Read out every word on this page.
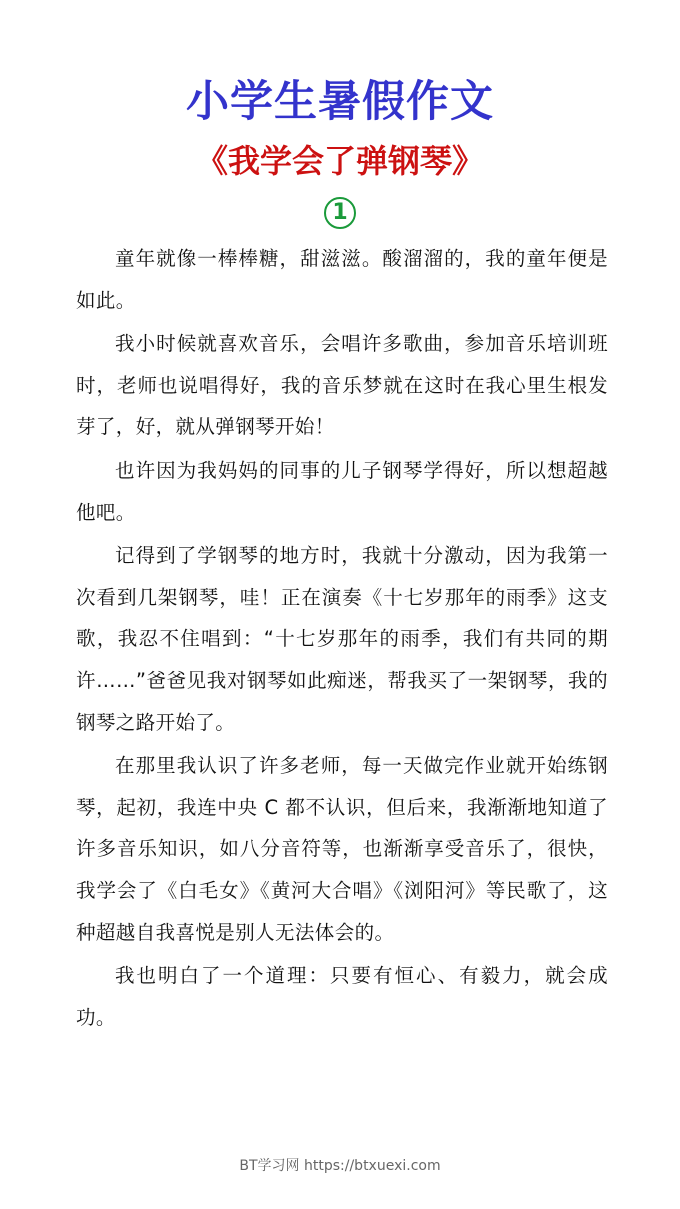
小学生暑假作文
《我学会了弹钢琴》
1

童年就像一棒棒糖，甜滋滋。酸溜溜的，我的童年便是如此。

我小时候就喜欢音乐，会唱许多歌曲，参加音乐培训班时，老师也说唱得好，我的音乐梦就在这时在我心里生根发芽了，好，就从弹钢琴开始！

也许因为我妈妈的同事的儿子钢琴学得好，所以想超越他吧。

记得到了学钢琴的地方时，我就十分激动，因为我第一次看到几架钢琴，哇！正在演奏《十七岁那年的雨季》这支歌，我忍不住唱到：“十七岁那年的雨季，我们有共同的期许……”爸爸见我对钢琴如此痴迷，帮我买了一架钢琴，我的钢琴之路开始了。

在那里我认识了许多老师，每一天做完作业就开始练钢琴，起初，我连中央 C 都不认识，但后来，我渐渐地知道了许多音乐知识，如八分音符等，也渐渐享受音乐了，很快，我学会了《白毛女》《黄河大合唱》《浏阳河》等民歌了，这种超越自我喜悦是别人无法体会的。

我也明白了一个道理：只要有恒心、有毅力，就会成功。

BT学习网 https://btxuexi.com
